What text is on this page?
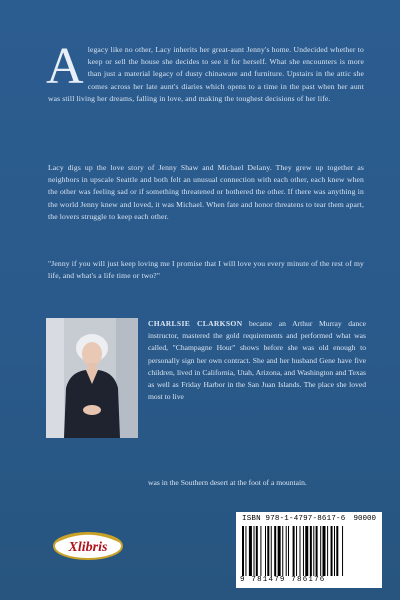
Alegacy like no other, Lacy inherits her great-aunt Jenny's home. Undecided whether to keep or sell the house she decides to see it for herself. What she encounters is more than just a material legacy of dusty chinaware and furniture. Upstairs in the attic she comes across her late aunt's diaries which opens to a time in the past when her aunt was still living her dreams, falling in love, and making the toughest decisions of her life.

Lacy digs up the love story of Jenny Shaw and Michael Delany. They grew up together as neighbors in upscale Seattle and both felt an unusual connection with each other, each knew when the other was feeling sad or if something threatened or bothered the other. If there was anything in the world Jenny knew and loved, it was Michael. When fate and honor threatens to tear them apart, the lovers struggle to keep each other.

"Jenny if you will just keep loving me I promise that I will love you every minute of the rest of my life, and what's a life time or two?"

CHARLSIE CLARKSON became an Arthur Murray dance instructor, mastered the gold requirements and performed what was called, "Champagne Hour" shows before she was old enough to personally sign her own contract. She and her husband Gene have five children, lived in California, Utah, Arizona, and Washington and Texas as well as Friday Harbor in the San Juan Islands. The place she loved most to live

was in the Southern desert at the foot of a mountain.

Xlibris
ISBN 978-1-4797-8617-6
9 781479 786176
90000
